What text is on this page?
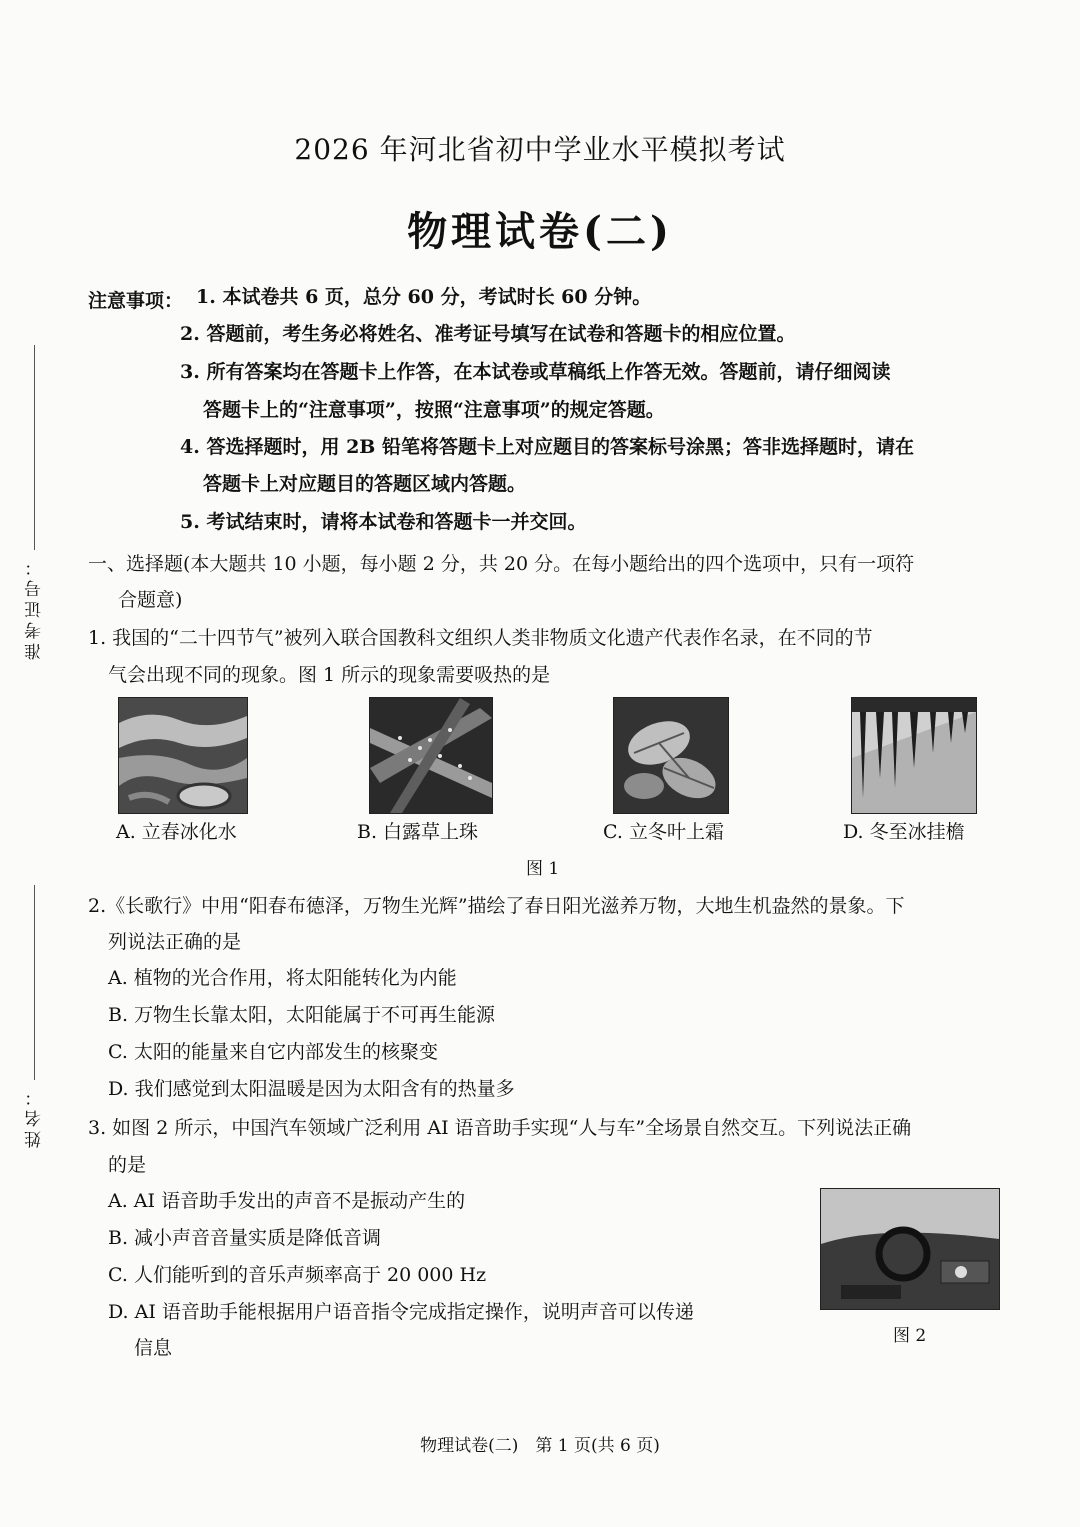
2026 年河北省初中学业水平模拟考试
物理试卷(二)
准考证号：
姓名：
注意事项： 1. 本试卷共 6 页，总分 60 分，考试时长 60 分钟。
2. 答题前，考生务必将姓名、准考证号填写在试卷和答题卡的相应位置。
3. 所有答案均在答题卡上作答，在本试卷或草稿纸上作答无效。答题前，请仔细阅读
答题卡上的“注意事项”，按照“注意事项”的规定答题。
4. 答选择题时，用 2B 铅笔将答题卡上对应题目的答案标号涂黑；答非选择题时，请在
答题卡上对应题目的答题区域内答题。
5. 考试结束时，请将本试卷和答题卡一并交回。
一、选择题(本大题共 10 小题，每小题 2 分，共 20 分。在每小题给出的四个选项中，只有一项符
合题意)
1. 我国的“二十四节气”被列入联合国教科文组织人类非物质文化遗产代表作名录，在不同的节
气会出现不同的现象。图 1 所示的现象需要吸热的是
A. 立春冰化水	B. 白露草上珠	C. 立冬叶上霜	D. 冬至冰挂檐
图 1
2.《长歌行》中用“阳春布德泽，万物生光辉”描绘了春日阳光滋养万物，大地生机盎然的景象。下
列说法正确的是
A. 植物的光合作用，将太阳能转化为内能
B. 万物生长靠太阳，太阳能属于不可再生能源
C. 太阳的能量来自它内部发生的核聚变
D. 我们感觉到太阳温暖是因为太阳含有的热量多
3. 如图 2 所示，中国汽车领域广泛利用 AI 语音助手实现“人与车”全场景自然交互。下列说法正确
的是
A. AI 语音助手发出的声音不是振动产生的
B. 减小声音音量实质是降低音调
C. 人们能听到的音乐声频率高于 20 000 Hz
D. AI 语音助手能根据用户语音指令完成指定操作，说明声音可以传递
信息
图 2
物理试卷(二)　第 1 页(共 6 页)
